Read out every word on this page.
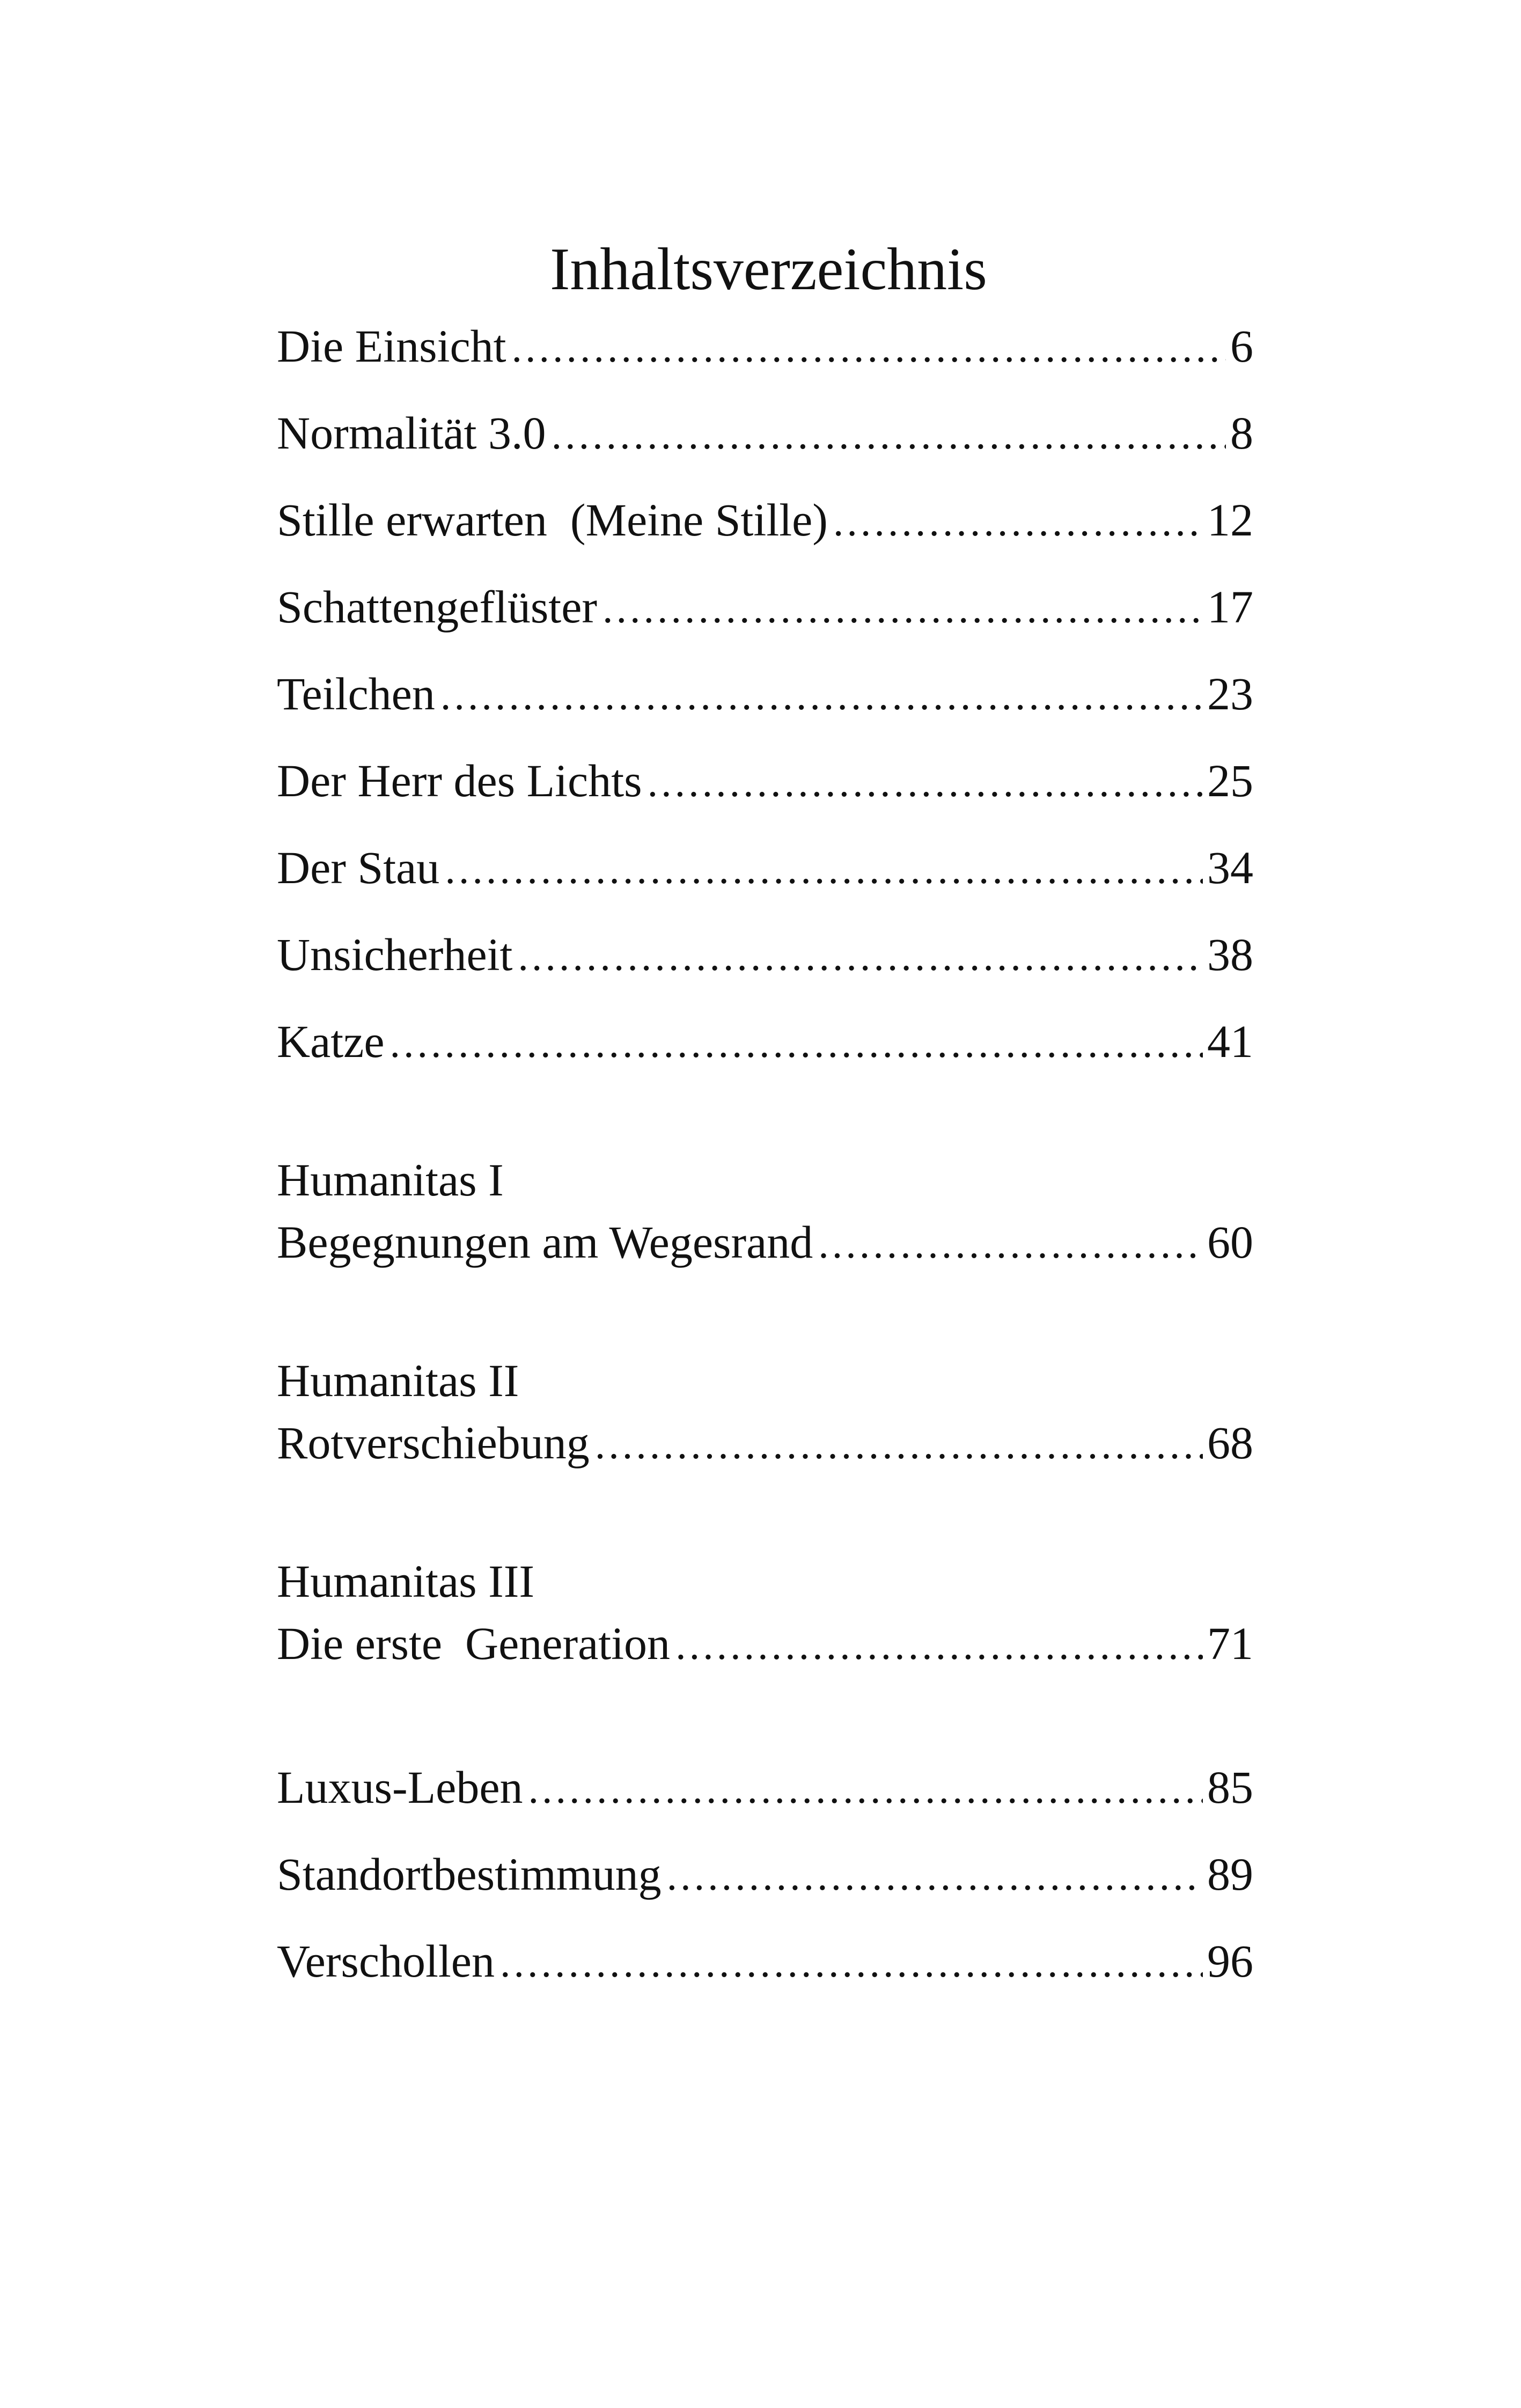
Inhaltsverzeichnis
Die Einsicht .....	6
Normalität 3.0 .....	8
Stille erwarten  (Meine Stille) .....	12
Schattengeflüster .....	17
Teilchen .....	23
Der Herr des Lichts .....	25
Der Stau .....	34
Unsicherheit .....	38
Katze .....	41
Humanitas I
Begegnungen am Wegesrand .....	60
Humanitas II
Rotverschiebung .....	68
Humanitas III
Die erste  Generation .....	71
Luxus-Leben .....	85
Standortbestimmung .....	89
Verschollen .....	96
